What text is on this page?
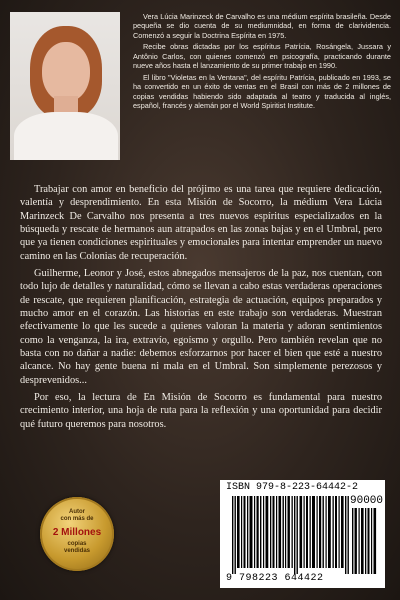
Vera Lúcia Marinzeck de Carvalho es una médium espírita brasileña. Desde pequeña se dio cuenta de su mediumnidad, en forma de clarividencia. Comenzó a seguir la Doctrina Espírita en 1975.

Recibe obras dictadas por los espíritus Patrícia, Rosángela, Jussara y Antônio Carlos, con quienes comenzó en psicografía, practicando durante nueve años hasta el lanzamiento de su primer trabajo en 1990.

El libro "Violetas en la Ventana", del espíritu Patrícia, publicado en 1993, se ha convertido en un éxito de ventas en el Brasil con más de 2 millones de copias vendidas habiendo sido adaptada al teatro y traducida al inglés, español, francés y alemán por el World Spiritist Institute.

Trabajar con amor en beneficio del prójimo es una tarea que requiere dedicación, valentía y desprendimiento. En esta Misión de Socorro, la médium Vera Lúcia Marinzeck De Carvalho nos presenta a tres nuevos espíritus especializados en la búsqueda y rescate de hermanos aun atrapados en las zonas bajas y en el Umbral, pero que ya tienen condiciones espirituales y emocionales para intentar emprender un nuevo camino en las Colonias de recuperación.

Guilherme, Leonor y José, estos abnegados mensajeros de la paz, nos cuentan, con todo lujo de detalles y naturalidad, cómo se llevan a cabo estas verdaderas operaciones de rescate, que requieren planificación, estrategia de actuación, equipos preparados y mucho amor en el corazón. Las historias en este trabajo son verdaderas. Muestran efectivamente lo que les sucede a quienes valoran la materia y adoran sentimientos como la venganza, la ira, extravío, egoísmo y orgullo. Pero también revelan que no basta con no dañar a nadie: debemos esforzarnos por hacer el bien que esté a nuestro alcance. No hay gente buena ni mala en el Umbral. Son simplemente perezosos y desprevenidos...

Por eso, la lectura de En Misión de Socorro es fundamental para nuestro crecimiento interior, una hoja de ruta para la reflexión y una oportunidad para decidir qué futuro queremos para nosotros.

Autor
con más de
2 Millones
copias
vendidas
ISBN 979-8-223-64442-2
90000
9 798223 644422
